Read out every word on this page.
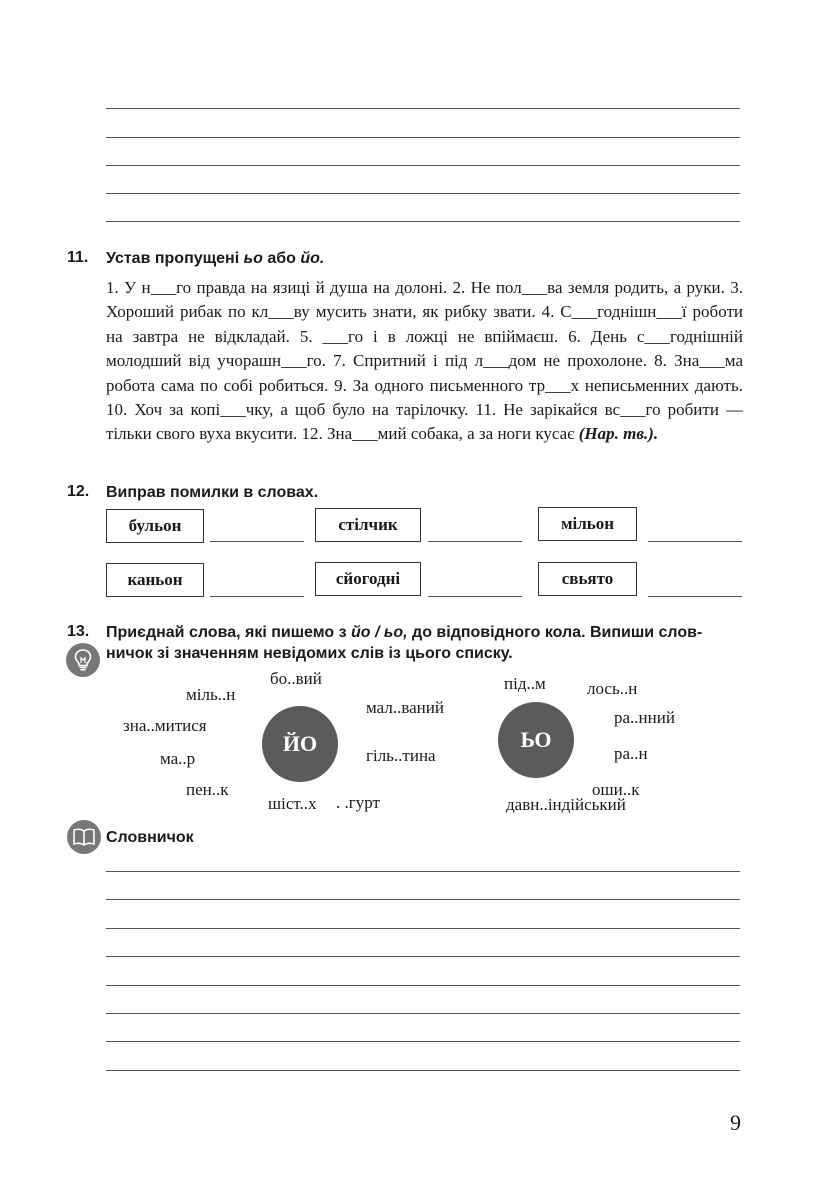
11. Устав пропущені ьо або йо.
1. У н___го правда на язиці й душа на долоні. 2. Не пол___ва земля родить, а руки. 3. Хороший рибак по кл___ву мусить знати, як рибку звати. 4. С___годнішн___ї роботи на завтра не відкладай. 5. ___го і в ложці не впіймаєш. 6. День с___годнішній молодший від учорашн___го. 7. Спритний і під л___дом не прохолоне. 8. Зна___ма робота сама по собі робиться. 9. За одного письменного тр___х неписьменних дають. 10. Хоч за копі___чку, а щоб було на тарілочку. 11. Не зарікайся вс___го робити — тільки свого вуха вкусити. 12. Зна___мий собака, а за ноги кусає (Нар. тв.).
12. Виправ помилки в словах.
бульон	стілчик	мільон
каньон	сйогодні	свьято
13. Приєднай слова, які пишемо з йо / ьо, до відповідного кола. Випиши слов-
ничок зі значенням невідомих слів із цього списку.
ЙО	ЬО
міль..н
бо..вий	під..м лось..н
мал..ваний
ра..нний
зна..митися
ма..р	гіль..тина	ра..н
пен..к	оши..к
шіст..х . .гурт	давн..індійський
Словничок
9
